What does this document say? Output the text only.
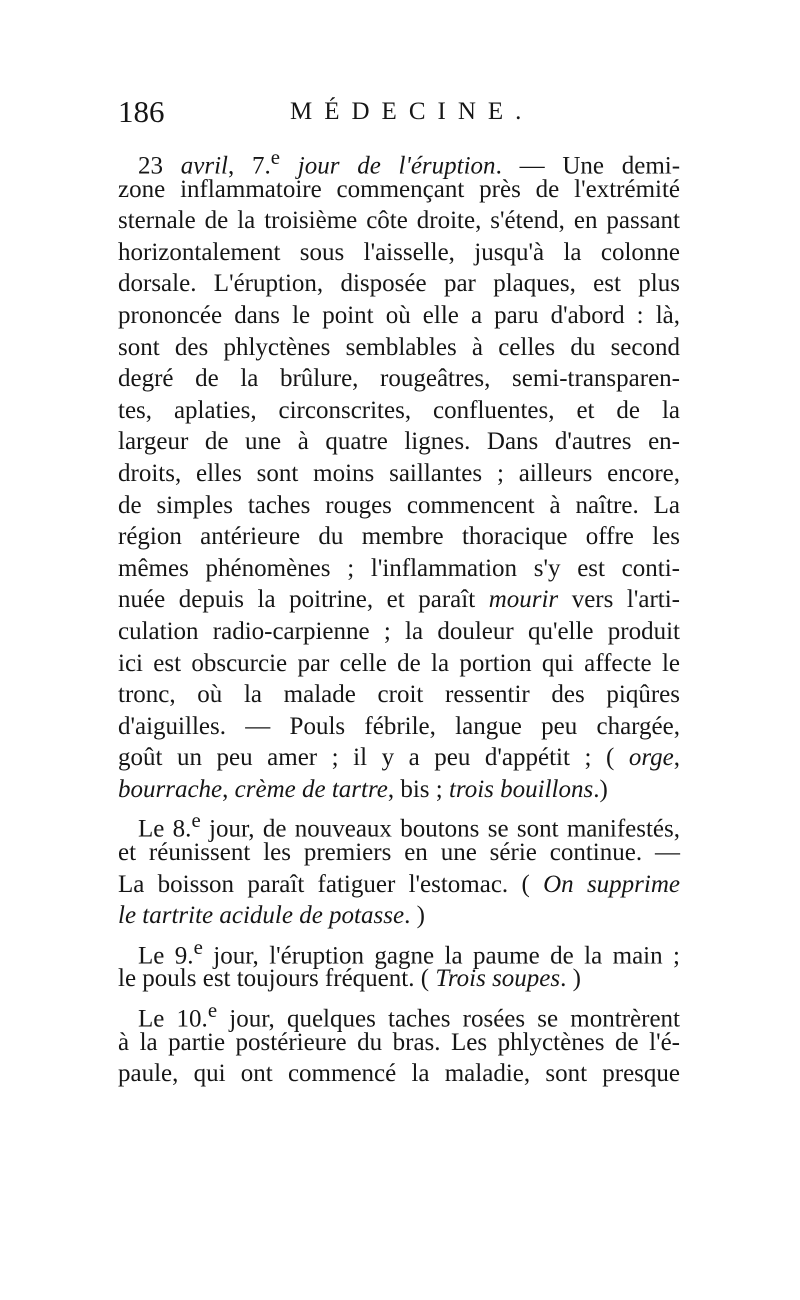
186	MÉDECINE.
23 avril, 7.$^e$ jour de l'éruption. — Une demi-
zone inflammatoire commençant près de l'extrémité
sternale de la troisième côte droite, s'étend, en passant
horizontalement sous l'aisselle, jusqu'à la colonne
dorsale. L'éruption, disposée par plaques, est plus
prononcée dans le point où elle a paru d'abord : là,
sont des phlyctènes semblables à celles du second
degré de la brûlure, rougeâtres, semi-transparen-
tes, aplaties, circonscrites, confluentes, et de la
largeur de une à quatre lignes. Dans d'autres en-
droits, elles sont moins saillantes ; ailleurs encore,
de simples taches rouges commencent à naître. La
région antérieure du membre thoracique offre les
mêmes phénomènes ; l'inflammation s'y est conti-
nuée depuis la poitrine, et paraît mourir vers l'arti-
culation radio-carpienne ; la douleur qu'elle produit
ici est obscurcie par celle de la portion qui affecte le
tronc, où la malade croit ressentir des piqûres
d'aiguilles. — Pouls fébrile, langue peu chargée,
goût un peu amer ; il y a peu d'appétit ; ( orge,
bourrache, crème de tartre, bis ; trois bouillons.)
Le 8.$^e$ jour, de nouveaux boutons se sont manifestés,
et réunissent les premiers en une série continue. —
La boisson paraît fatiguer l'estomac. ( On supprime
le tartrite acidule de potasse. )
Le 9.$^e$ jour, l'éruption gagne la paume de la main ;
le pouls est toujours fréquent. ( Trois soupes. )
Le 10.$^e$ jour, quelques taches rosées se montrèrent
à la partie postérieure du bras. Les phlyctènes de l'é-
paule, qui ont commencé la maladie, sont presque
